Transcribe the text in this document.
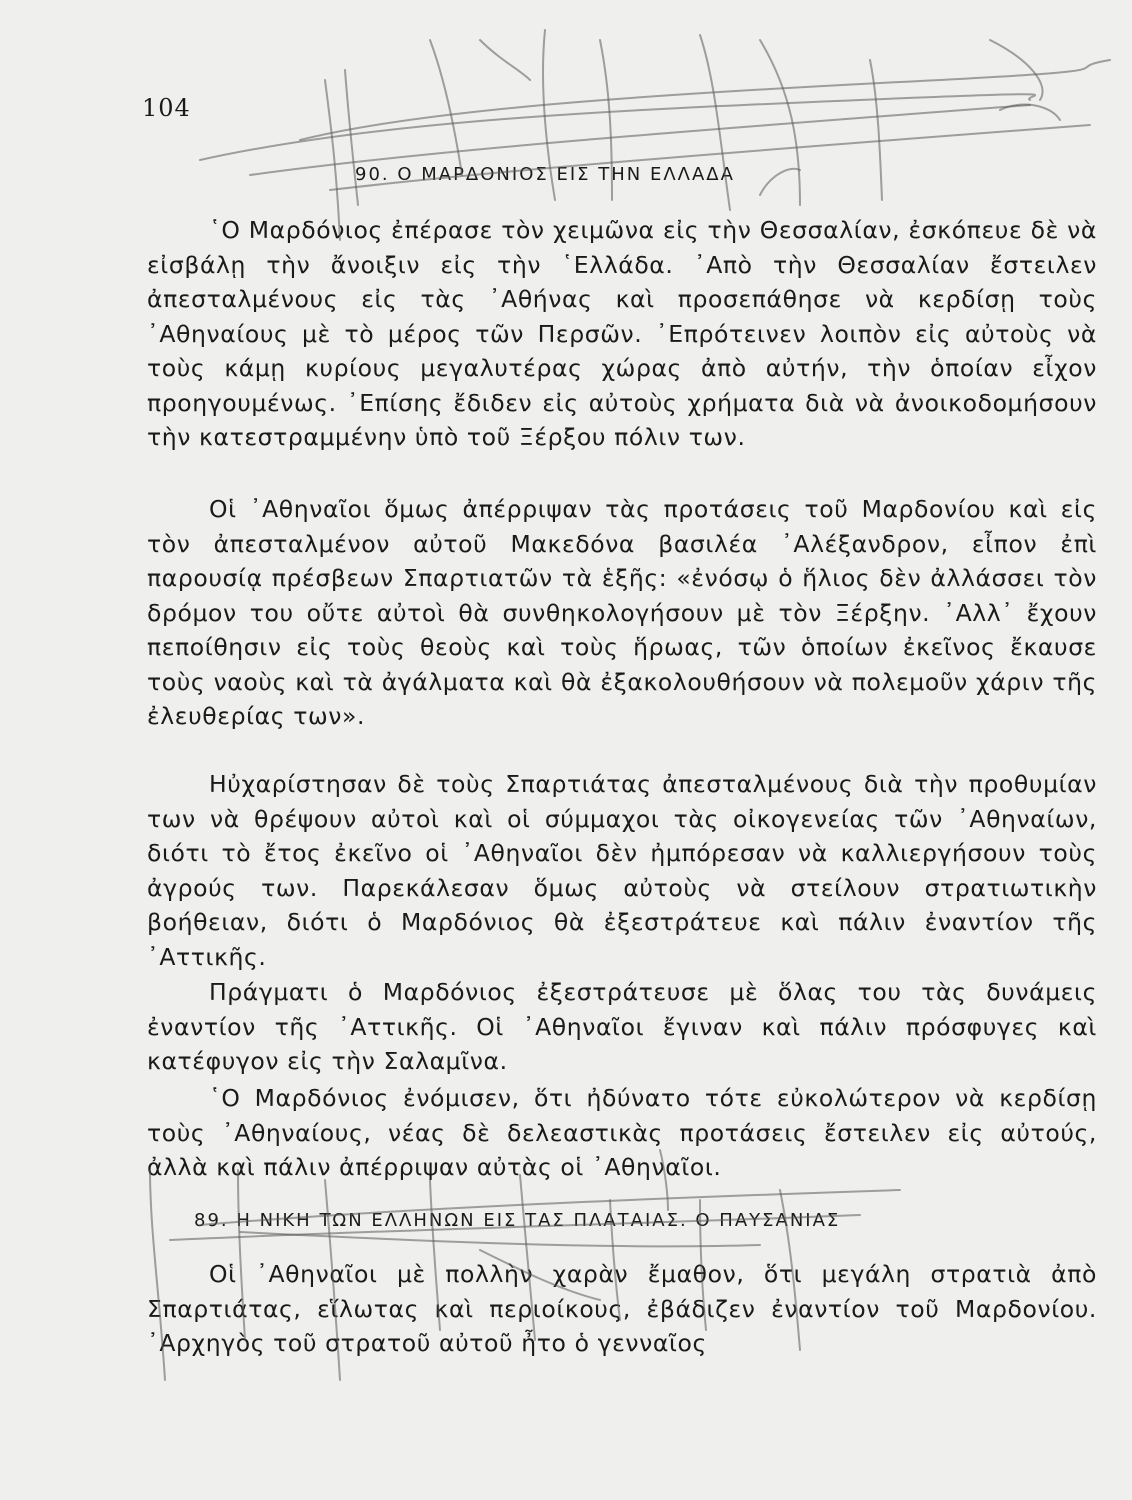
104
90. Ο ΜΑΡΔΟΝΙΟΣ ΕΙΣ ΤΗΝ ΕΛΛΑΔΑ

῾Ο Μαρδόνιος ἐπέρασε τὸν χειμῶνα εἰς τὴν Θεσσαλίαν, ἐσκόπευε δὲ νὰ εἰσβάλῃ τὴν ἄνοιξιν εἰς τὴν ῾Ελλάδα. ᾿Απὸ τὴν Θεσσαλίαν ἔστειλεν ἀπεσταλμένους εἰς τὰς ᾿Αθήνας καὶ προσεπάθησε νὰ κερδίσῃ τοὺς ᾿Αθηναίους μὲ τὸ μέρος τῶν Περσῶν. ᾿Επρότεινεν λοιπὸν εἰς αὐτοὺς νὰ τοὺς κάμῃ κυρίους μεγαλυτέρας χώρας ἀπὸ αὐτήν, τὴν ὁποίαν εἶχον προηγουμένως. ᾿Επίσης ἔδιδεν εἰς αὐτοὺς χρήματα διὰ νὰ ἀνοικοδομήσουν τὴν κατεστραμμένην ὑπὸ τοῦ Ξέρξου πόλιν των.

Οἱ ᾿Αθηναῖοι ὅμως ἀπέρριψαν τὰς προτάσεις τοῦ Μαρδονίου καὶ εἰς τὸν ἀπεσταλμένον αὐτοῦ Μακεδόνα βασιλέα ᾿Αλέξανδρον, εἶπον ἐπὶ παρουσίᾳ πρέσβεων Σπαρτιατῶν τὰ ἑξῆς: «ἐνόσῳ ὁ ἥλιος δὲν ἀλλάσσει τὸν δρόμον του οὔτε αὐτοὶ θὰ συνθηκολογήσουν μὲ τὸν Ξέρξην. ᾿Αλλ᾿ ἔχουν πεποίθησιν εἰς τοὺς θεοὺς καὶ τοὺς ἥρωας, τῶν ὁποίων ἐκεῖνος ἔκαυσε τοὺς ναοὺς καὶ τὰ ἀγάλματα καὶ θὰ ἐξακολουθήσουν νὰ πολεμοῦν χάριν τῆς ἐλευθερίας των».

Ηὐχαρίστησαν δὲ τοὺς Σπαρτιάτας ἀπεσταλμένους διὰ τὴν προθυμίαν των νὰ θρέψουν αὐτοὶ καὶ οἱ σύμμαχοι τὰς οἰκογενείας τῶν ᾿Αθηναίων, διότι τὸ ἔτος ἐκεῖνο οἱ ᾿Αθηναῖοι δὲν ἠμπόρεσαν νὰ καλλιεργήσουν τοὺς ἀγρούς των. Παρεκάλεσαν ὅμως αὐτοὺς νὰ στείλουν στρατιωτικὴν βοήθειαν, διότι ὁ Μαρδόνιος θὰ ἐξεστράτευε καὶ πάλιν ἐναντίον τῆς ᾿Αττικῆς.

Πράγματι ὁ Μαρδόνιος ἐξεστράτευσε μὲ ὅλας του τὰς δυνάμεις ἐναντίον τῆς ᾿Αττικῆς. Οἱ ᾿Αθηναῖοι ἔγιναν καὶ πάλιν πρόσφυγες καὶ κατέφυγον εἰς τὴν Σαλαμῖνα.

῾Ο Μαρδόνιος ἐνόμισεν, ὅτι ἠδύνατο τότε εὐκολώτερον νὰ κερδίσῃ τοὺς ᾿Αθηναίους, νέας δὲ δελεαστικὰς προτάσεις ἔστειλεν εἰς αὐτούς, ἀλλὰ καὶ πάλιν ἀπέρριψαν αὐτὰς οἱ ᾿Αθηναῖοι.

89. Η ΝΙΚΗ ΤΩΝ ΕΛΛΗΝΩΝ ΕΙΣ ΤΑΣ ΠΛΑΤΑΙΑΣ. Ο ΠΑΥΣΑΝΙΑΣ

Οἱ ᾿Αθηναῖοι μὲ πολλὴν χαρὰν ἔμαθον, ὅτι μεγάλη στρατιὰ ἀπὸ Σπαρτιάτας, εἵλωτας καὶ περιοίκους, ἐβάδιζεν ἐναντίον τοῦ Μαρδονίου. ᾿Αρχηγὸς τοῦ στρατοῦ αὐτοῦ ἦτο ὁ γενναῖος
